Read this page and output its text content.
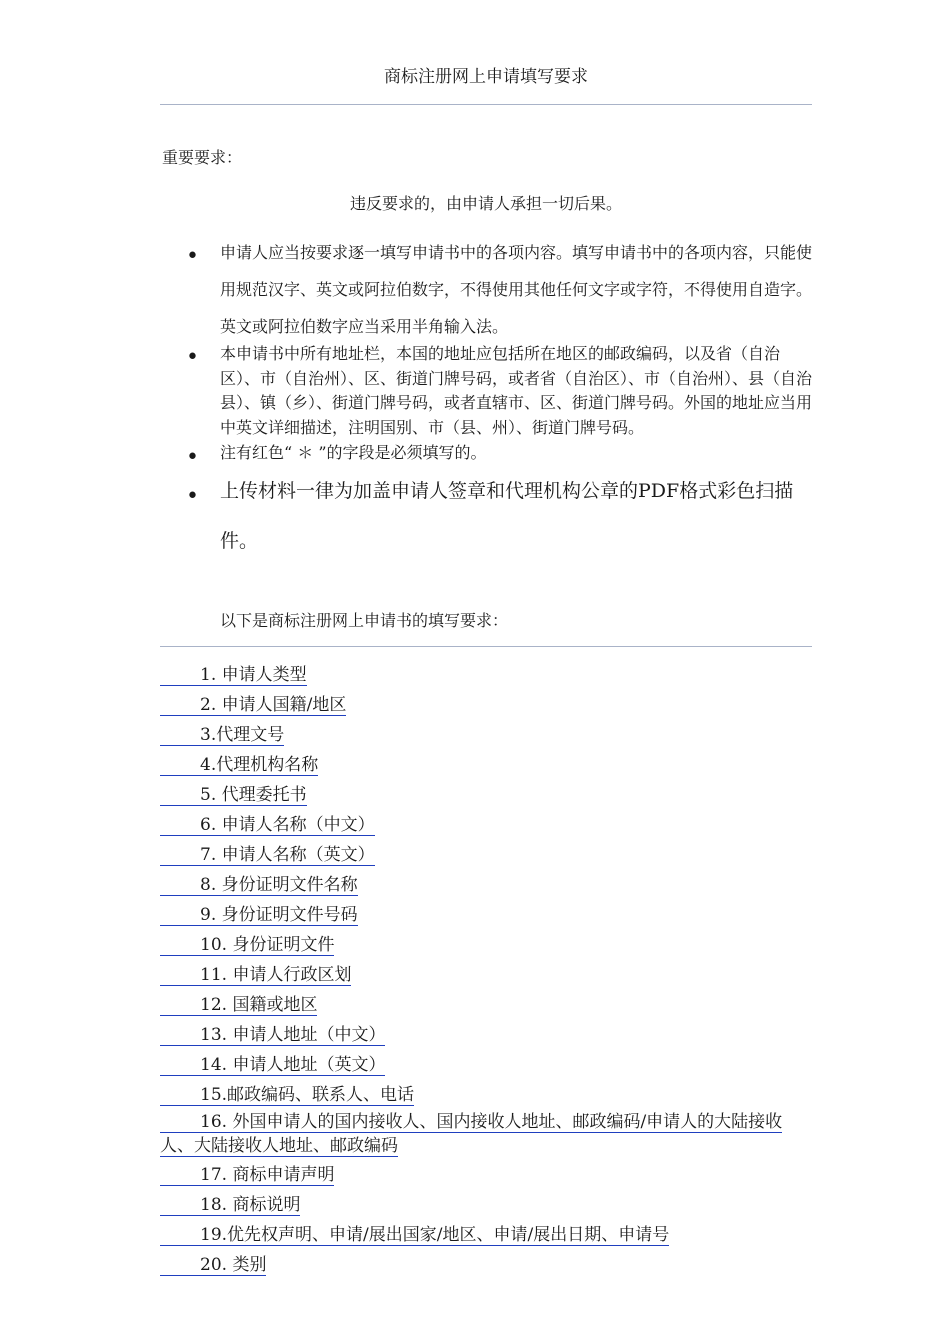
商标注册网上申请填写要求
重要要求：
违反要求的，由申请人承担一切后果。
• 申请人应当按要求逐一填写申请书中的各项内容。填写申请书中的各项内容，只能使用规范汉字、英文或阿拉伯数字，不得使用其他任何文字或字符，不得使用自造字。英文或阿拉伯数字应当采用半角输入法。
• 本申请书中所有地址栏，本国的地址应包括所在地区的邮政编码，以及省（自治区）、市（自治州）、区、街道门牌号码，或者省（自治区）、市（自治州）、县（自治县）、镇（乡）、街道门牌号码，或者直辖市、区、街道门牌号码。外国的地址应当用中英文详细描述，注明国别、市（县、州）、街道门牌号码。
• 注有红色“ ＊ ”的字段是必须填写的。
• 上传材料一律为加盖申请人签章和代理机构公章的PDF格式彩色扫描件。
以下是商标注册网上申请书的填写要求：
1. 申请人类型
2. 申请人国籍/地区
3.代理文号
4.代理机构名称
5. 代理委托书
6. 申请人名称（中文）
7. 申请人名称（英文）
8. 身份证明文件名称
9. 身份证明文件号码
10. 身份证明文件
11. 申请人行政区划
12. 国籍或地区
13. 申请人地址（中文）
14. 申请人地址（英文）
15.邮政编码、联系人、电话
16. 外国申请人的国内接收人、国内接收人地址、邮政编码/申请人的大陆接收人、大陆接收人地址、邮政编码
17. 商标申请声明
18. 商标说明
19.优先权声明、申请/展出国家/地区、申请/展出日期、申请号
20. 类别
